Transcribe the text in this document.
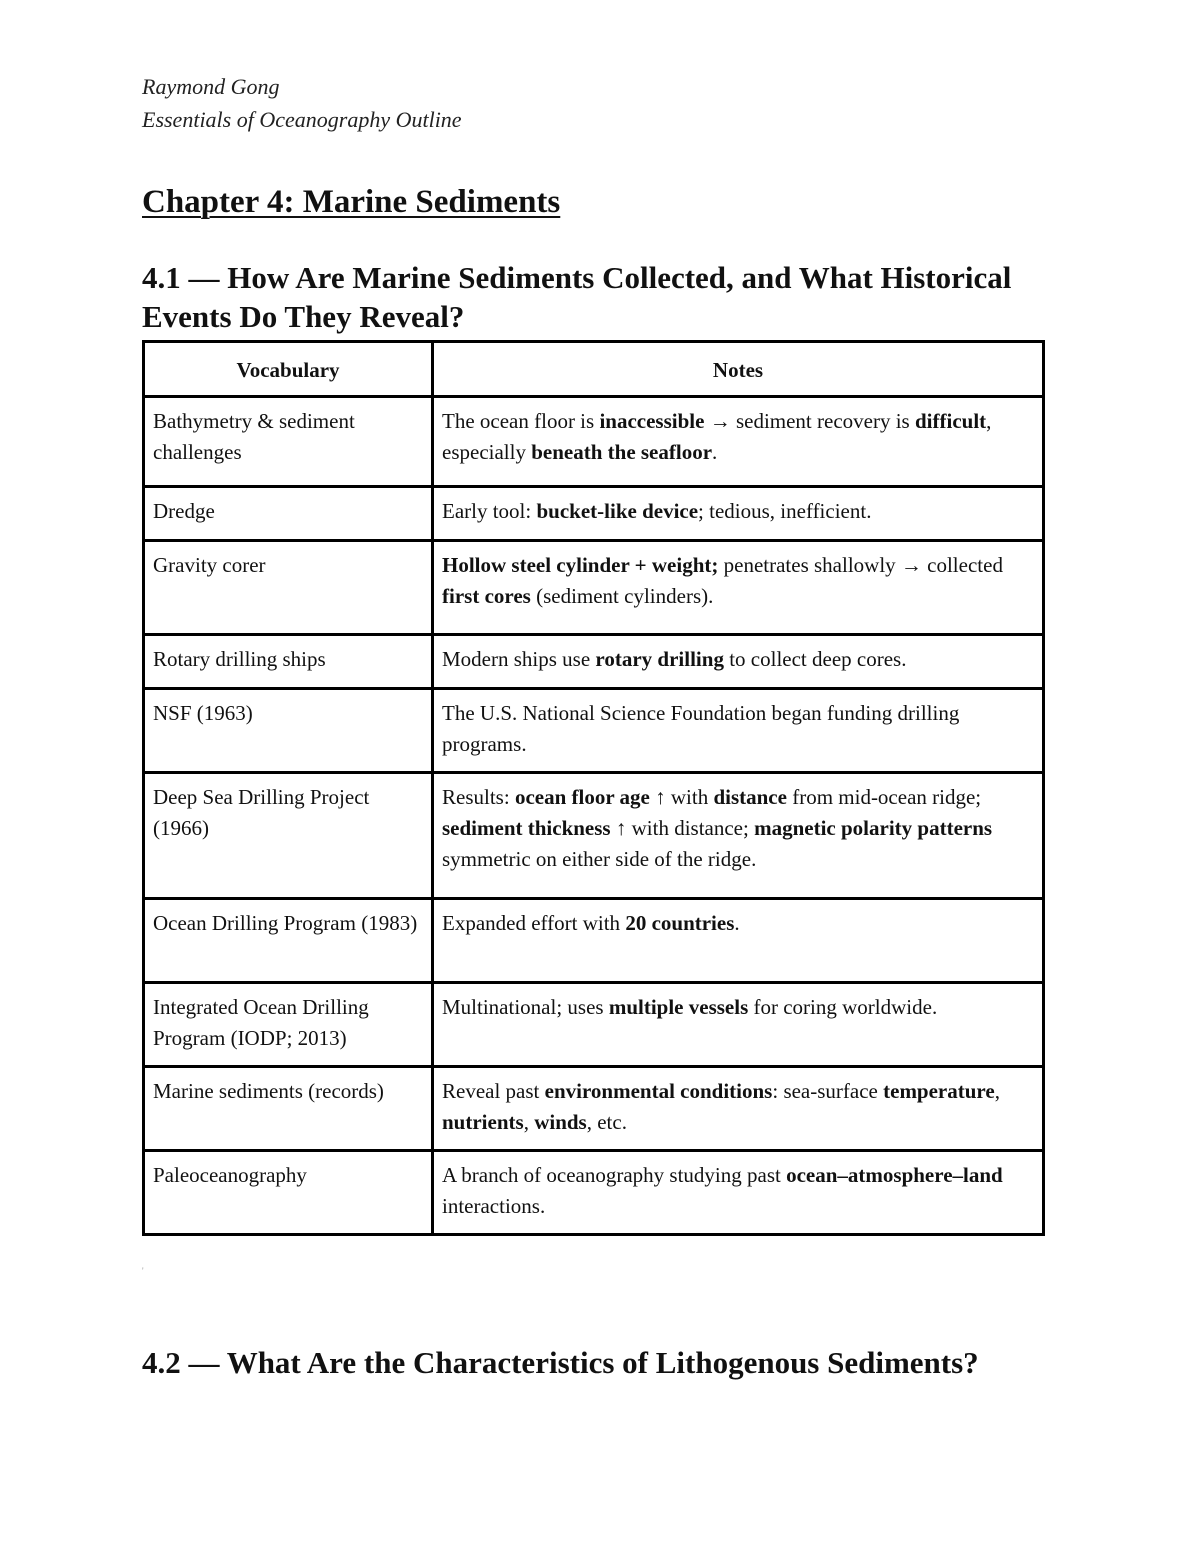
Raymond Gong
Essentials of Oceanography Outline
Chapter 4: Marine Sediments
4.1 — How Are Marine Sediments Collected, and What Historical Events Do They Reveal?
Vocabulary	Notes
Bathymetry & sediment challenges	The ocean floor is inaccessible → sediment recovery is difficult, especially beneath the seafloor.
Dredge	Early tool: bucket-like device; tedious, inefficient.
Gravity corer	Hollow steel cylinder + weight; penetrates shallowly → collected first cores (sediment cylinders).
Rotary drilling ships	Modern ships use rotary drilling to collect deep cores.
NSF (1963)	The U.S. National Science Foundation began funding drilling programs.
Deep Sea Drilling Project (1966)	Results: ocean floor age ↑ with distance from mid-ocean ridge; sediment thickness ↑ with distance; magnetic polarity patterns symmetric on either side of the ridge.
Ocean Drilling Program (1983)	Expanded effort with 20 countries.
Integrated Ocean Drilling Program (IODP; 2013)	Multinational; uses multiple vessels for coring worldwide.
Marine sediments (records)	Reveal past environmental conditions: sea-surface temperature, nutrients, winds, etc.
Paleoceanography	A branch of oceanography studying past ocean–atmosphere–land interactions.
'
4.2 — What Are the Characteristics of Lithogenous Sediments?
